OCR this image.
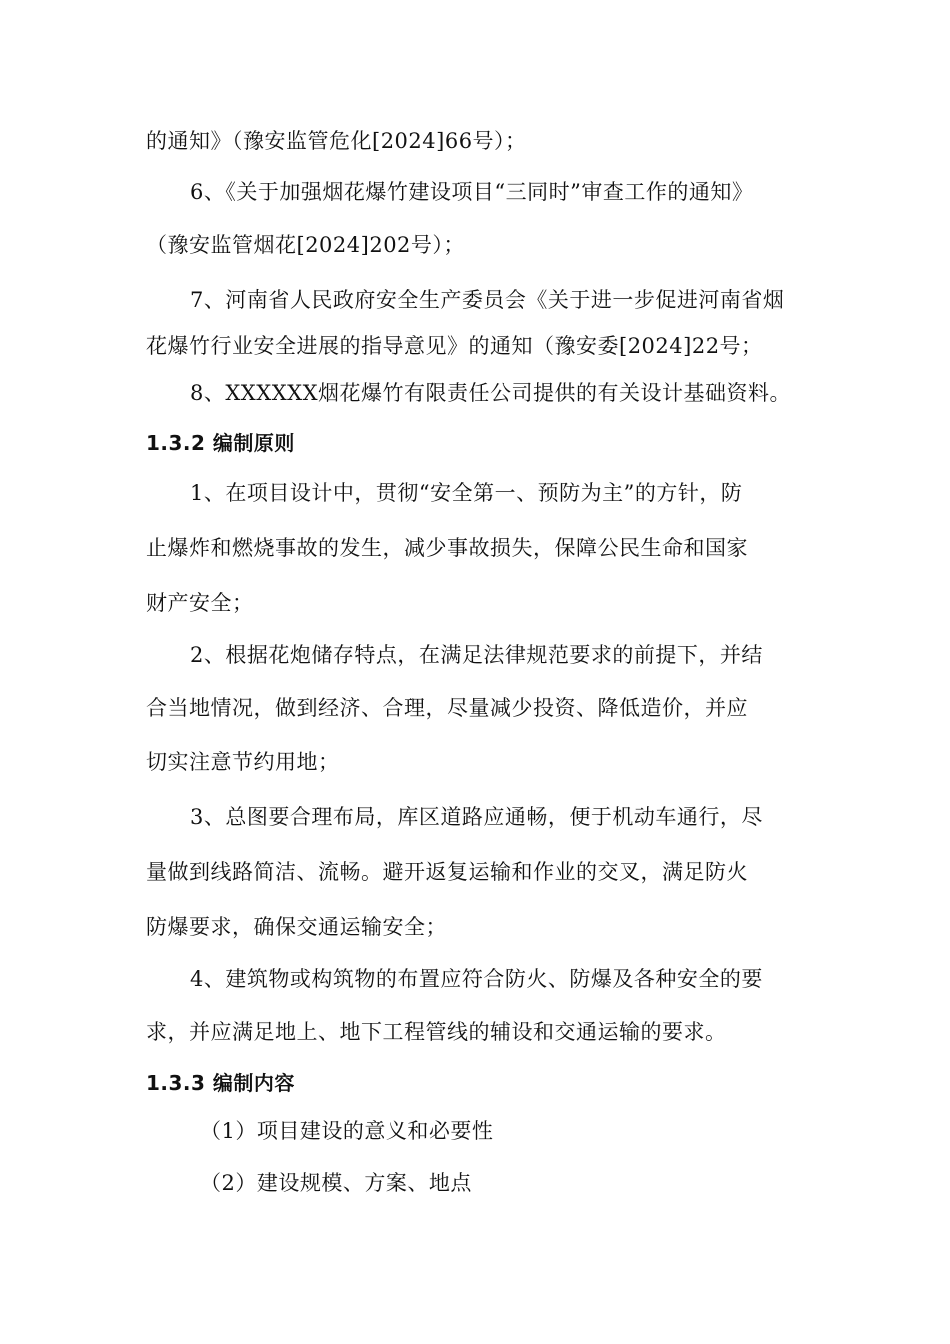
的通知》（豫安监管危化[2024]66号）；
6、《关于加强烟花爆竹建设项目“三同时”审查工作的通知》
（豫安监管烟花[2024]202号）；
7、河南省人民政府安全生产委员会《关于进一步促进河南省烟
花爆竹行业安全进展的指导意见》的通知（豫安委[2024]22号；
8、XXXXXX烟花爆竹有限责任公司提供的有关设计基础资料。
1.3.2 编制原则
1、在项目设计中，贯彻“安全第一、预防为主”的方针，防
止爆炸和燃烧事故的发生，减少事故损失，保障公民生命和国家
财产安全；
2、根据花炮储存特点，在满足法律规范要求的前提下，并结
合当地情况，做到经济、合理，尽量减少投资、降低造价，并应
切实注意节约用地；
3、总图要合理布局，库区道路应通畅，便于机动车通行，尽
量做到线路简洁、流畅。避开返复运输和作业的交叉，满足防火
防爆要求，确保交通运输安全；
4、建筑物或构筑物的布置应符合防火、防爆及各种安全的要
求，并应满足地上、地下工程管线的辅设和交通运输的要求。
1.3.3 编制内容
（1）项目建设的意义和必要性
（2）建设规模、方案、地点
